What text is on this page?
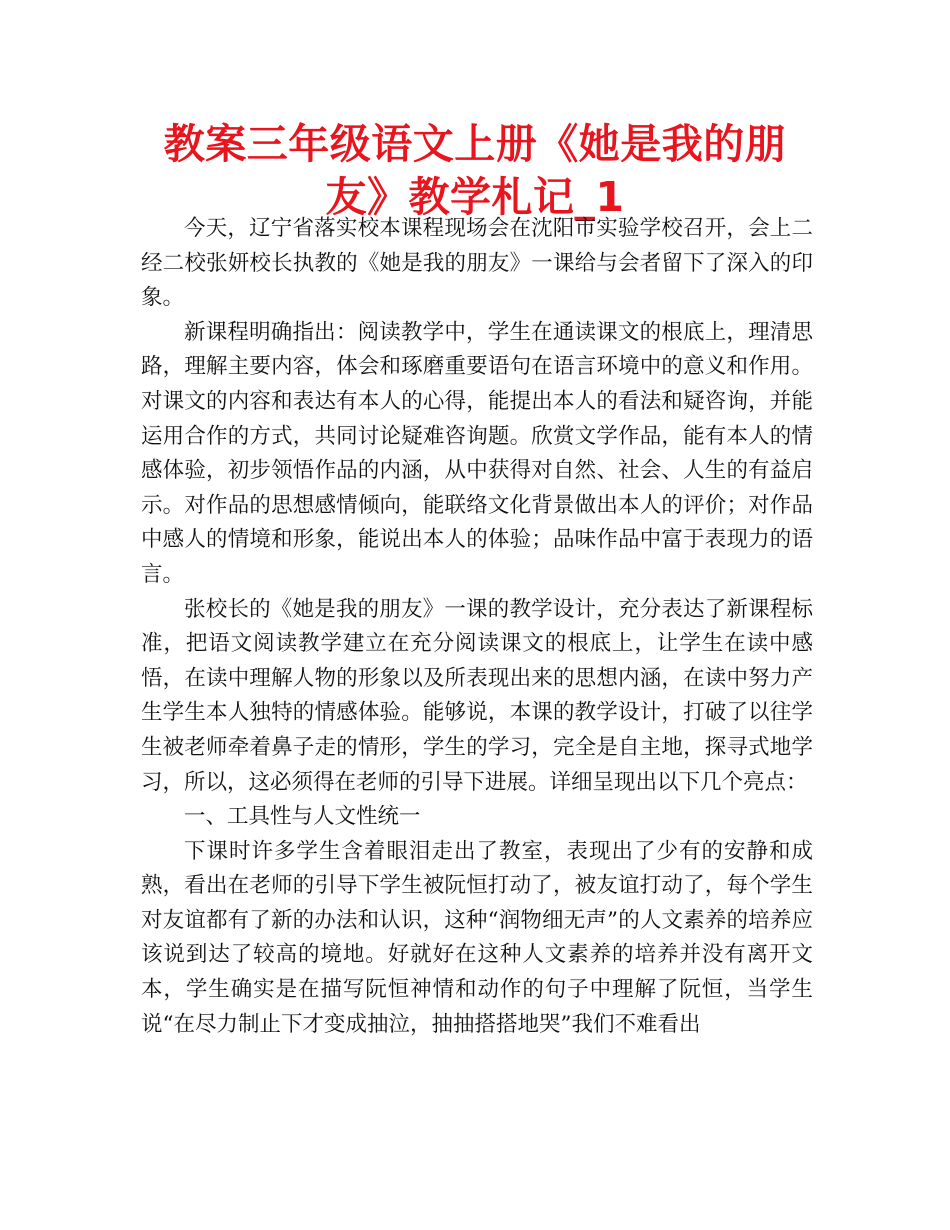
教案三年级语文上册《她是我的朋友》教学札记_1

今天，辽宁省落实校本课程现场会在沈阳市实验学校召开，会上二经二校张妍校长执教的《她是我的朋友》一课给与会者留下了深入的印象。

新课程明确指出：阅读教学中，学生在通读课文的根底上，理清思路，理解主要内容，体会和琢磨重要语句在语言环境中的意义和作用。对课文的内容和表达有本人的心得，能提出本人的看法和疑咨询，并能运用合作的方式，共同讨论疑难咨询题。欣赏文学作品，能有本人的情感体验，初步领悟作品的内涵，从中获得对自然、社会、人生的有益启示。对作品的思想感情倾向，能联络文化背景做出本人的评价；对作品中感人的情境和形象，能说出本人的体验；品味作品中富于表现力的语言。

张校长的《她是我的朋友》一课的教学设计，充分表达了新课程标准，把语文阅读教学建立在充分阅读课文的根底上，让学生在读中感悟，在读中理解人物的形象以及所表现出来的思想内涵，在读中努力产生学生本人独特的情感体验。能够说，本课的教学设计，打破了以往学生被老师牵着鼻子走的情形，学生的学习，完全是自主地，探寻式地学习，所以，这必须得在老师的引导下进展。详细呈现出以下几个亮点：

一、工具性与人文性统一

下课时许多学生含着眼泪走出了教室，表现出了少有的安静和成熟，看出在老师的引导下学生被阮恒打动了，被友谊打动了，每个学生对友谊都有了新的办法和认识，这种“润物细无声”的人文素养的培养应该说到达了较高的境地。好就好在这种人文素养的培养并没有离开文本，学生确实是在描写阮恒神情和动作的句子中理解了阮恒，当学生说“在尽力制止下才变成抽泣，抽抽搭搭地哭”我们不难看出
